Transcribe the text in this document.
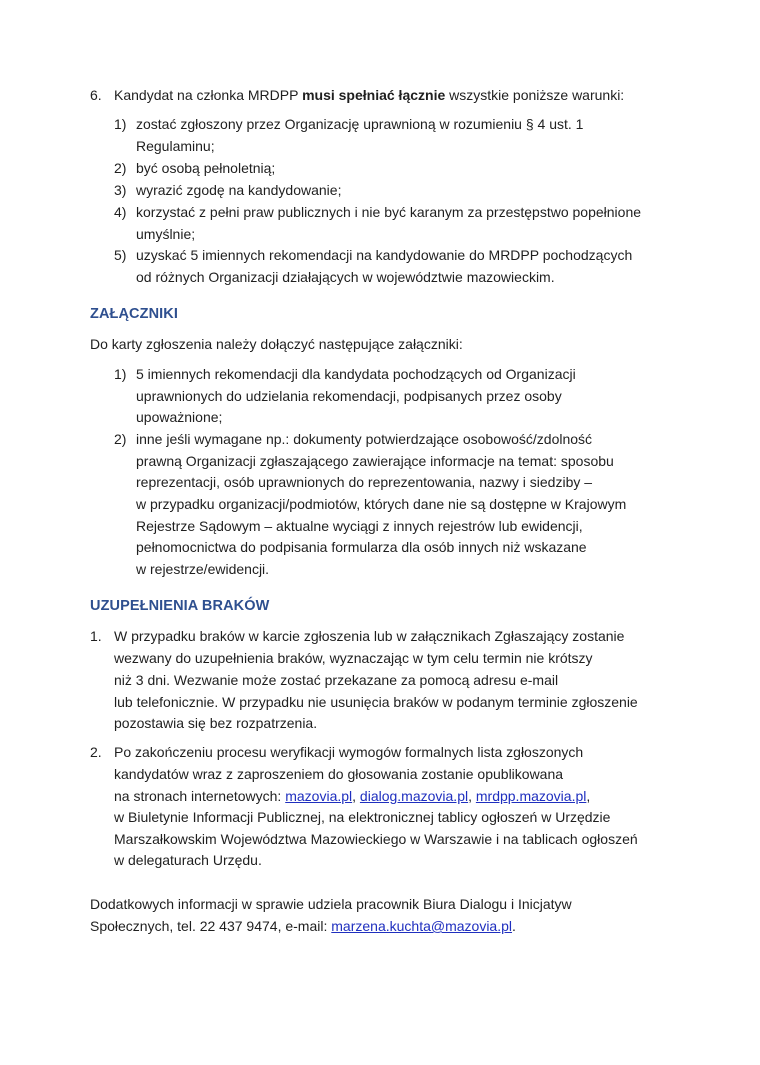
6. Kandydat na członka MRDPP musi spełniać łącznie wszystkie poniższe warunki:
1) zostać zgłoszony przez Organizację uprawnioną w rozumieniu § 4 ust. 1
Regulaminu;
2) być osobą pełnoletnią;
3) wyrazić zgodę na kandydowanie;
4) korzystać z pełni praw publicznych i nie być karanym za przestępstwo popełnione
umyślnie;
5) uzyskać 5 imiennych rekomendacji na kandydowanie do MRDPP pochodzących
od różnych Organizacji działających w województwie mazowieckim.
ZAŁĄCZNIKI
Do karty zgłoszenia należy dołączyć następujące załączniki:
1) 5 imiennych rekomendacji dla kandydata pochodzących od Organizacji
uprawnionych do udzielania rekomendacji, podpisanych przez osoby
upoważnione;
2) inne jeśli wymagane np.: dokumenty potwierdzające osobowość/zdolność
prawną Organizacji zgłaszającego zawierające informacje na temat: sposobu
reprezentacji, osób uprawnionych do reprezentowania, nazwy i siedziby –
w przypadku organizacji/podmiotów, których dane nie są dostępne w Krajowym
Rejestrze Sądowym – aktualne wyciągi z innych rejestrów lub ewidencji,
pełnomocnictwa do podpisania formularza dla osób innych niż wskazane
w rejestrze/ewidencji.
UZUPEŁNIENIA BRAKÓW
1. W przypadku braków w karcie zgłoszenia lub w załącznikach Zgłaszający zostanie
wezwany do uzupełnienia braków, wyznaczając w tym celu termin nie krótszy
niż 3 dni. Wezwanie może zostać przekazane za pomocą adresu e-mail
lub telefonicznie. W przypadku nie usunięcia braków w podanym terminie zgłoszenie
pozostawia się bez rozpatrzenia.
2. Po zakończeniu procesu weryfikacji wymogów formalnych lista zgłoszonych
kandydatów wraz z zaproszeniem do głosowania zostanie opublikowana
na stronach internetowych: mazovia.pl, dialog.mazovia.pl, mrdpp.mazovia.pl,
w Biuletynie Informacji Publicznej, na elektronicznej tablicy ogłoszeń w Urzędzie
Marszałkowskim Województwa Mazowieckiego w Warszawie i na tablicach ogłoszeń
w delegaturach Urzędu.
Dodatkowych informacji w sprawie udziela pracownik Biura Dialogu i Inicjatyw
Społecznych, tel. 22 437 9474, e-mail: marzena.kuchta@mazovia.pl.
